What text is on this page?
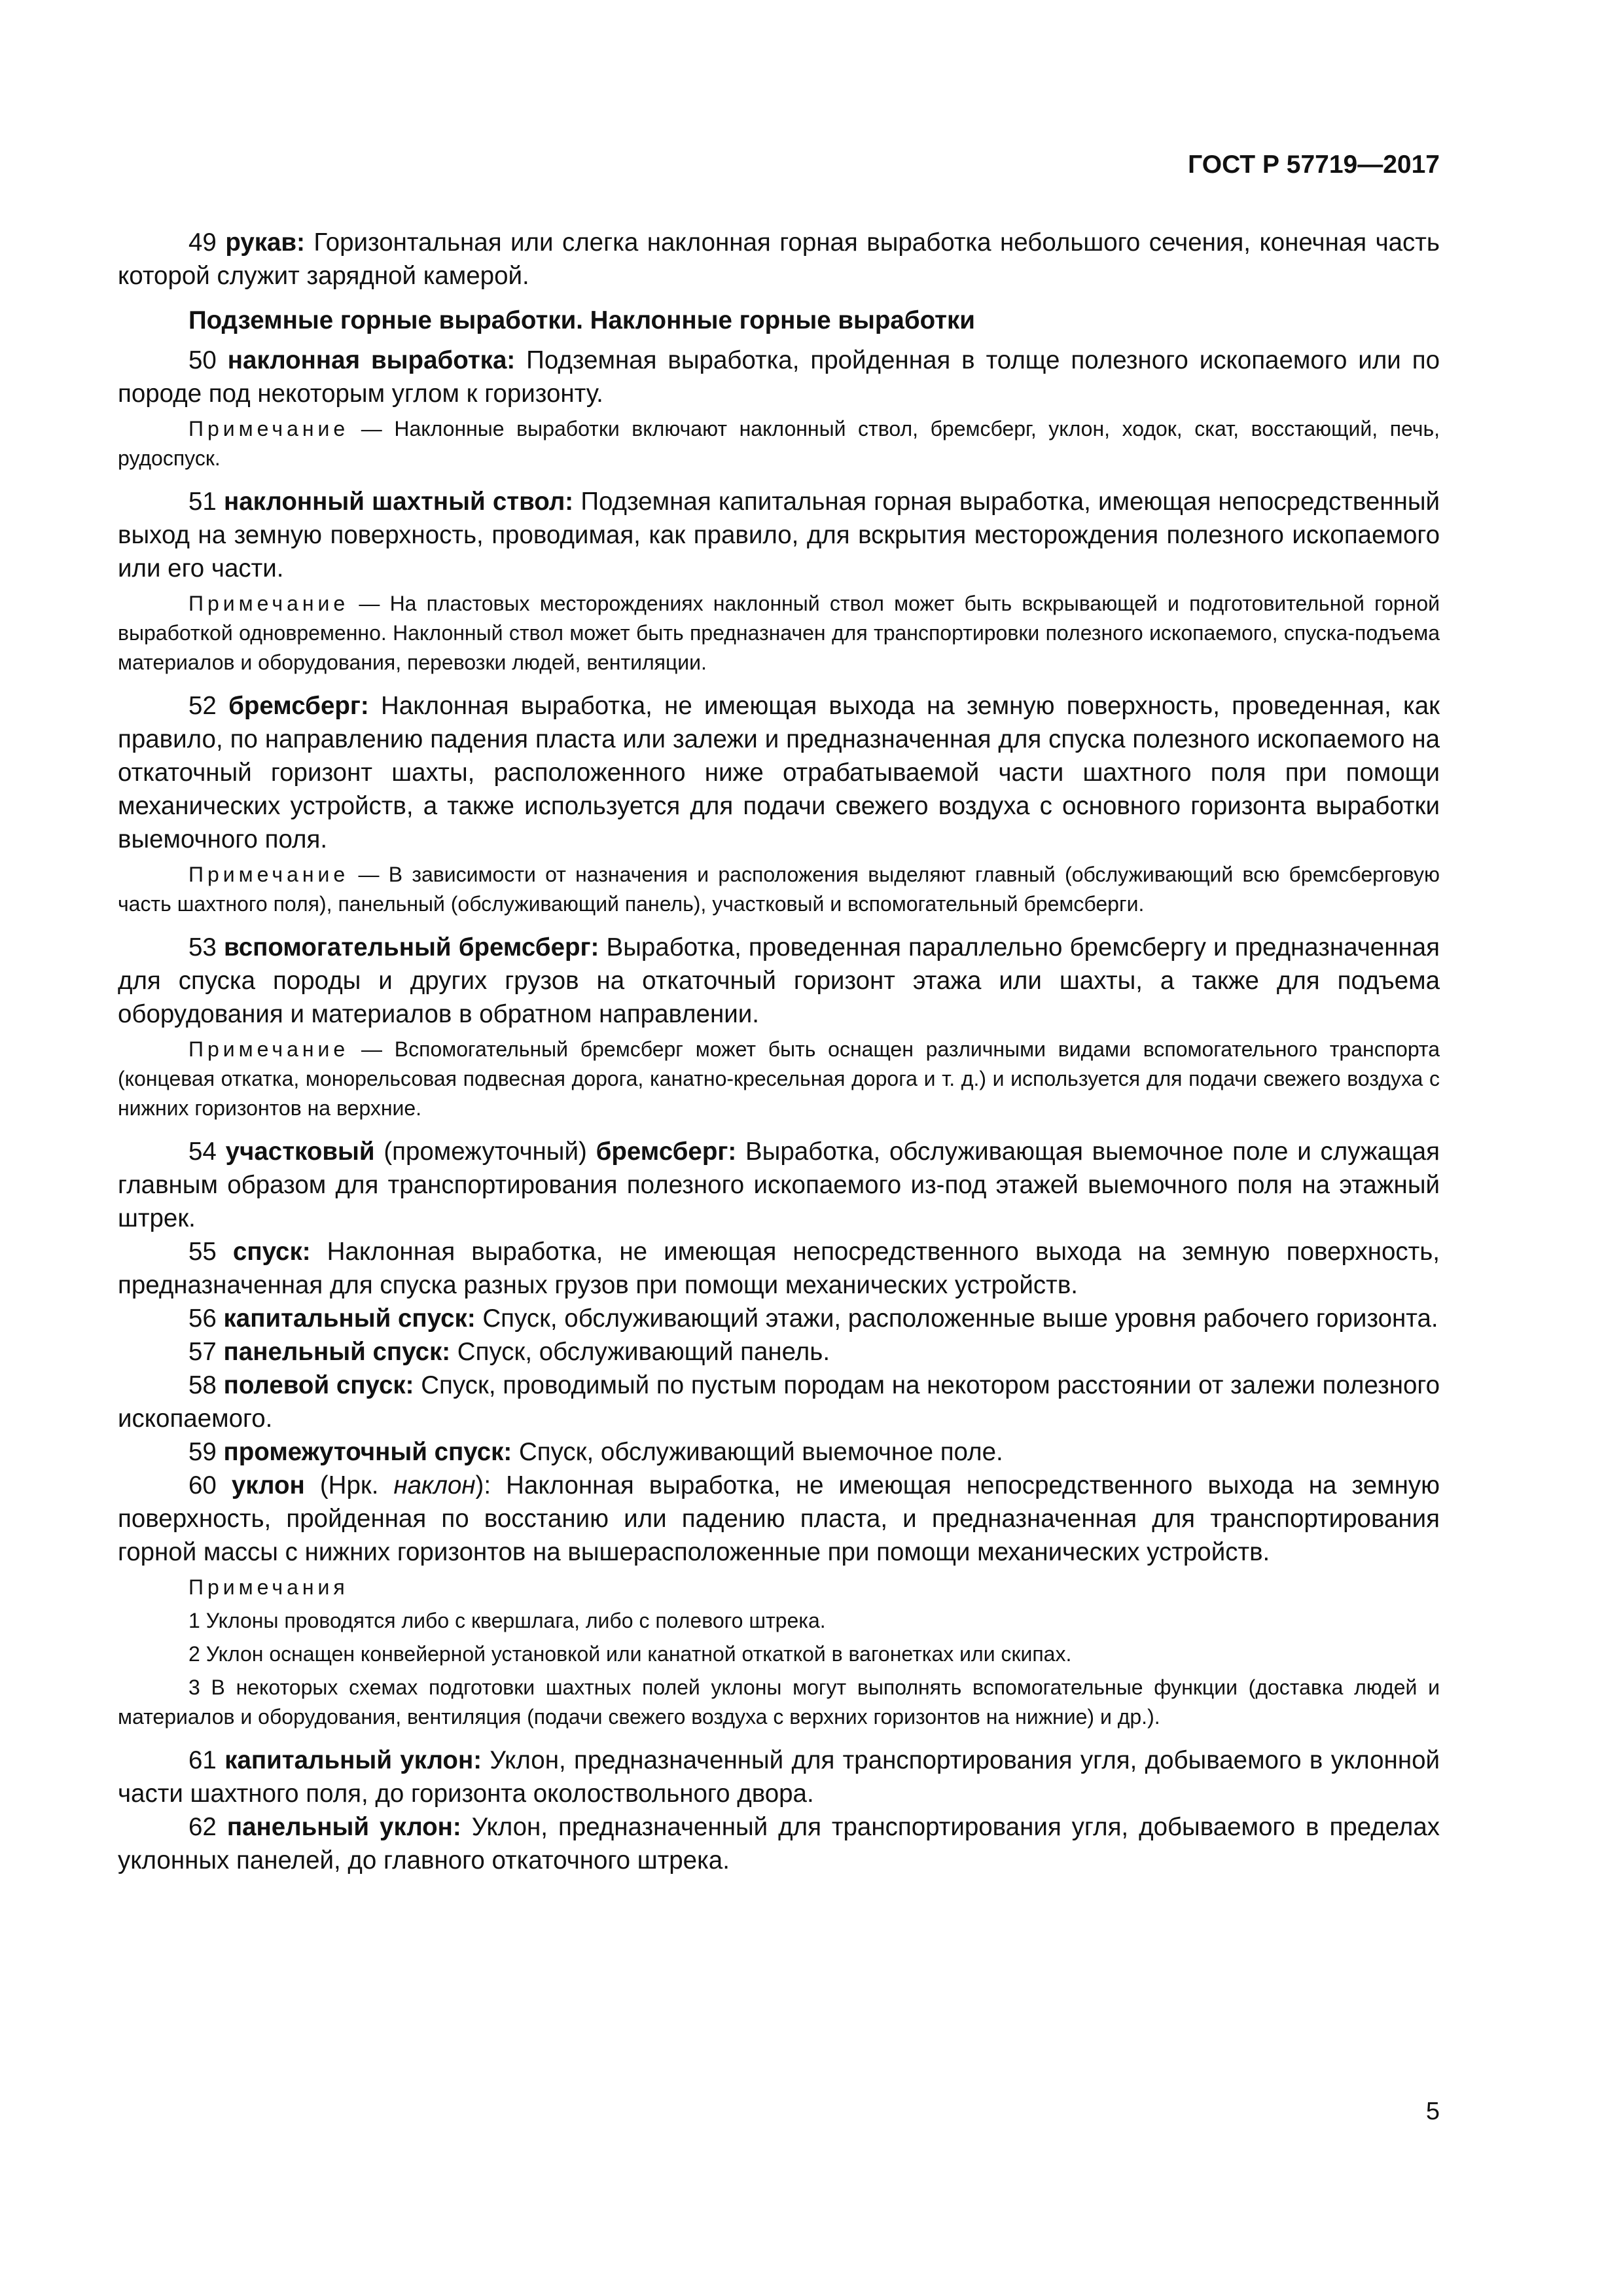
ГОСТ Р 57719—2017

49 рукав: Горизонтальная или слегка наклонная горная выработка небольшого сечения, конечная часть которой служит зарядной камерой.

Подземные горные выработки. Наклонные горные выработки

50 наклонная выработка: Подземная выработка, пройденная в толще полезного ископаемого или по породе под некоторым углом к горизонту.

Примечание — Наклонные выработки включают наклонный ствол, бремсберг, уклон, ходок, скат, восстающий, печь, рудоспуск.

51 наклонный шахтный ствол: Подземная капитальная горная выработка, имеющая непосредственный выход на земную поверхность, проводимая, как правило, для вскрытия месторождения полезного ископаемого или его части.

Примечание — На пластовых месторождениях наклонный ствол может быть вскрывающей и подготовительной горной выработкой одновременно. Наклонный ствол может быть предназначен для транспортировки полезного ископаемого, спуска-подъема материалов и оборудования, перевозки людей, вентиляции.

52 бремсберг: Наклонная выработка, не имеющая выхода на земную поверхность, проведенная, как правило, по направлению падения пласта или залежи и предназначенная для спуска полезного ископаемого на откаточный горизонт шахты, расположенного ниже отрабатываемой части шахтного поля при помощи механических устройств, а также используется для подачи свежего воздуха с основного горизонта выработки выемочного поля.

Примечание — В зависимости от назначения и расположения выделяют главный (обслуживающий всю бремсберговую часть шахтного поля), панельный (обслуживающий панель), участковый и вспомогательный бремсберги.

53 вспомогательный бремсберг: Выработка, проведенная параллельно бремсбергу и предназначенная для спуска породы и других грузов на откаточный горизонт этажа или шахты, а также для подъема оборудования и материалов в обратном направлении.

Примечание — Вспомогательный бремсберг может быть оснащен различными видами вспомогательного транспорта (концевая откатка, монорельсовая подвесная дорога, канатно-кресельная дорога и т. д.) и используется для подачи свежего воздуха с нижних горизонтов на верхние.

54 участковый (промежуточный) бремсберг: Выработка, обслуживающая выемочное поле и служащая главным образом для транспортирования полезного ископаемого из-под этажей выемочного поля на этажный штрек.

55 спуск: Наклонная выработка, не имеющая непосредственного выхода на земную поверхность, предназначенная для спуска разных грузов при помощи механических устройств.

56 капитальный спуск: Спуск, обслуживающий этажи, расположенные выше уровня рабочего горизонта.

57 панельный спуск: Спуск, обслуживающий панель.

58 полевой спуск: Спуск, проводимый по пустым породам на некотором расстоянии от залежи полезного ископаемого.

59 промежуточный спуск: Спуск, обслуживающий выемочное поле.

60 уклон (Нрк. наклон): Наклонная выработка, не имеющая непосредственного выхода на земную поверхность, пройденная по восстанию или падению пласта, и предназначенная для транспортирования горной массы с нижних горизонтов на вышерасположенные при помощи механических устройств.

Примечания

1 Уклоны проводятся либо с квершлага, либо с полевого штрека.

2 Уклон оснащен конвейерной установкой или канатной откаткой в вагонетках или скипах.

3 В некоторых схемах подготовки шахтных полей уклоны могут выполнять вспомогательные функции (доставка людей и материалов и оборудования, вентиляция (подачи свежего воздуха с верхних горизонтов на нижние) и др.).

61 капитальный уклон: Уклон, предназначенный для транспортирования угля, добываемого в уклонной части шахтного поля, до горизонта околоствольного двора.

62 панельный уклон: Уклон, предназначенный для транспортирования угля, добываемого в пределах уклонных панелей, до главного откаточного штрека.

5
